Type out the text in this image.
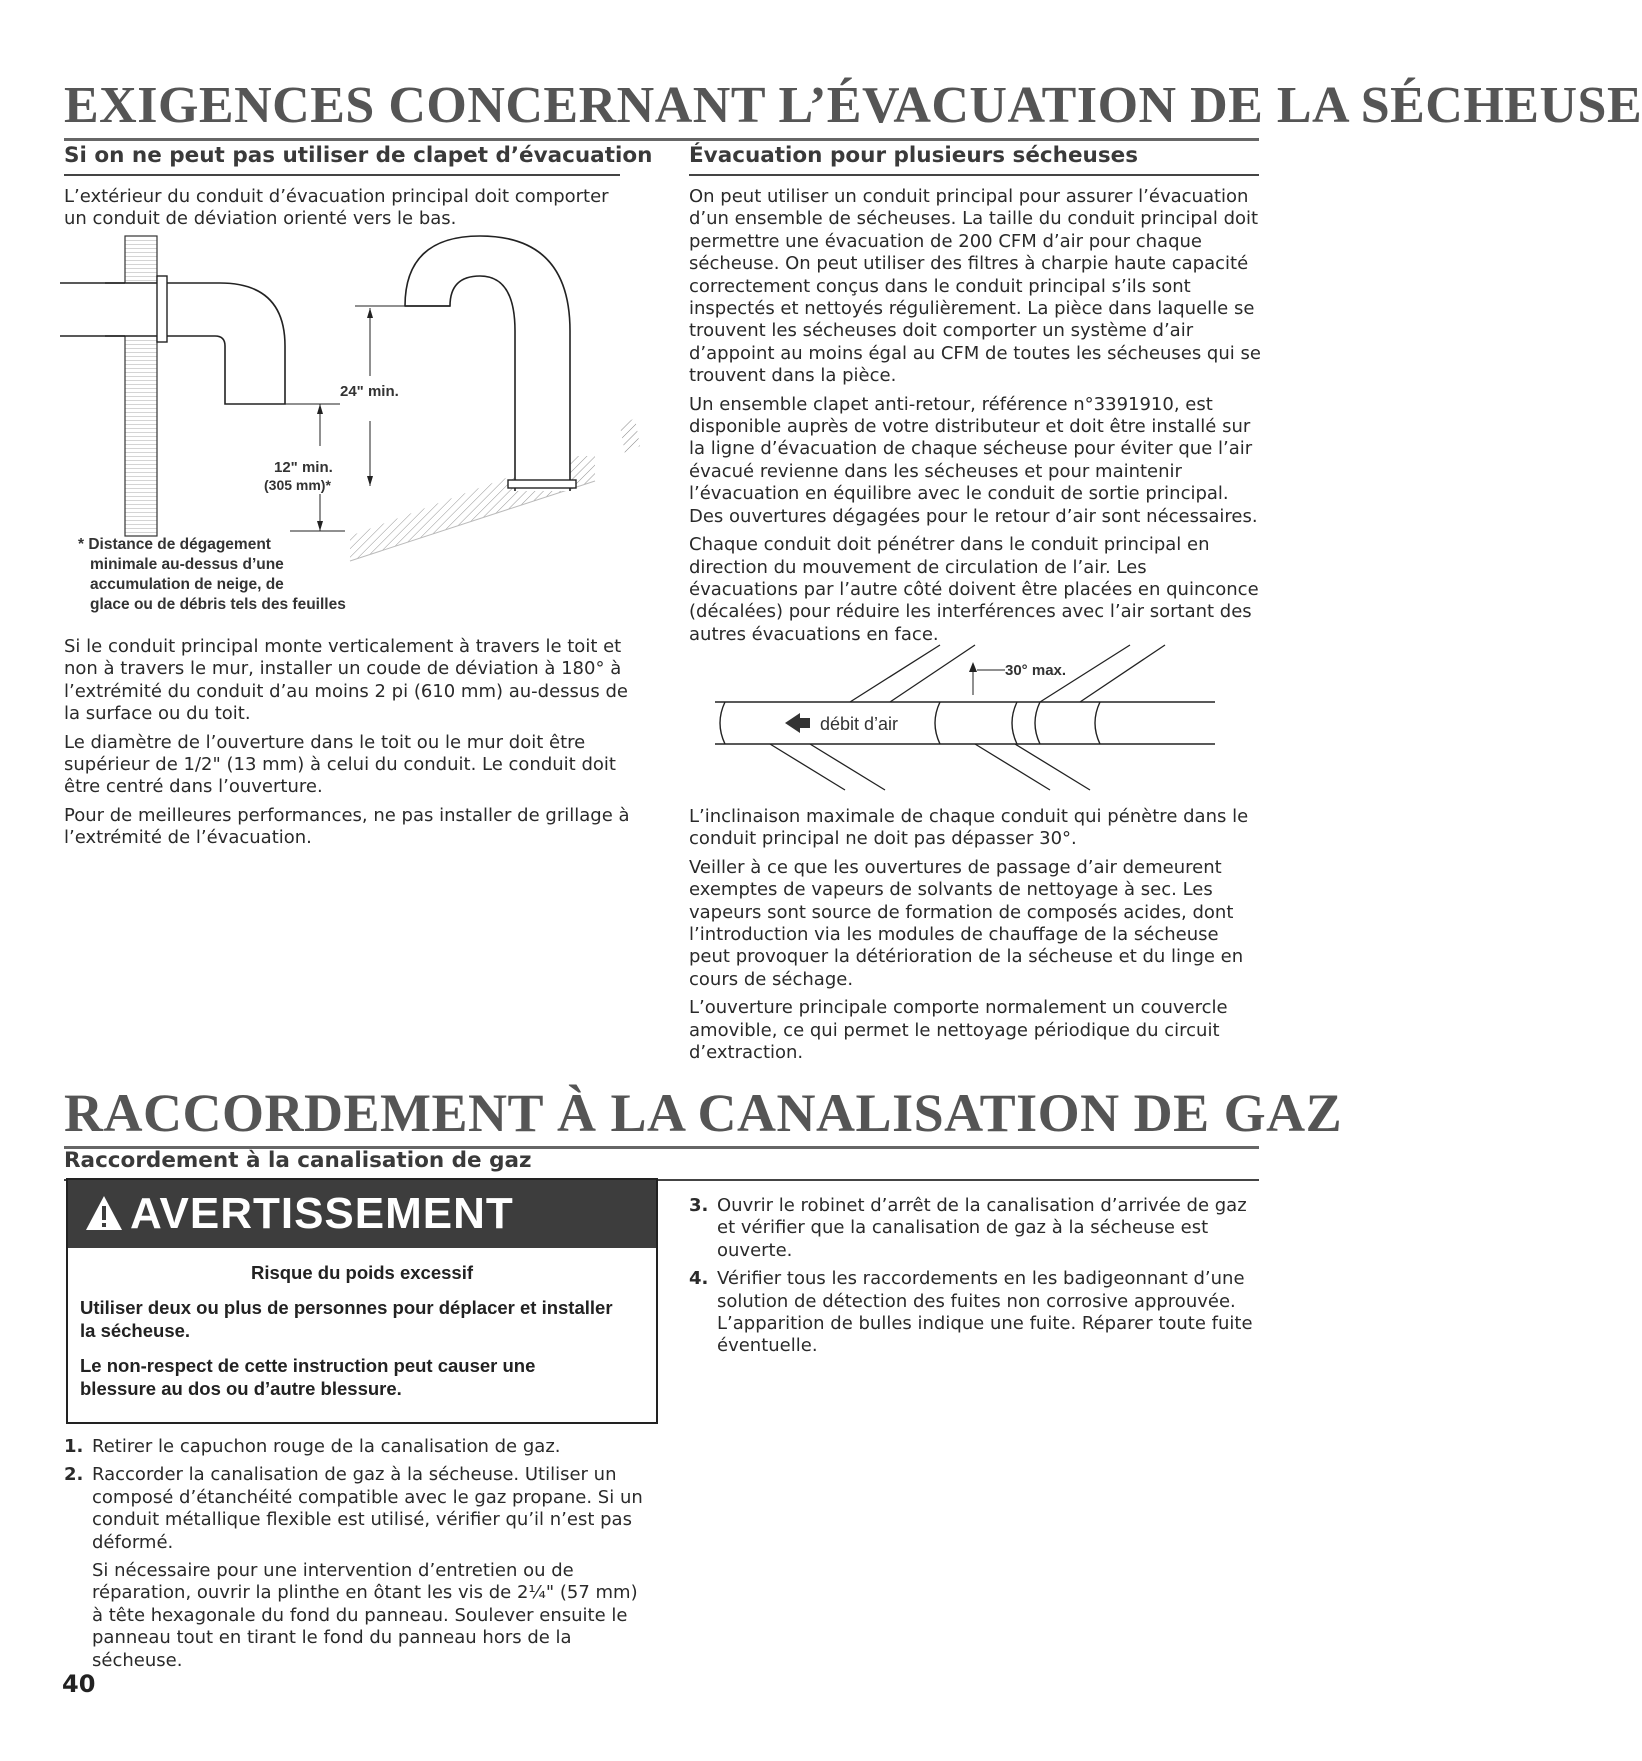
EXIGENCES CONCERNANT L’ÉVACUATION DE LA SÉCHEUSE
Si on ne peut pas utiliser de clapet d’évacuation

L’extérieur du conduit d’évacuation principal doit comporter un conduit de déviation orienté vers le bas.

12" min.
(305 mm)*
24" min.
* Distance de dégagement
minimale au-dessus d’une
accumulation de neige, de
glace ou de débris tels des feuilles

Si le conduit principal monte verticalement à travers le toit et non à travers le mur, installer un coude de déviation à 180° à l’extrémité du conduit d’au moins 2 pi (610 mm) au-dessus de la surface ou du toit.

Le diamètre de l’ouverture dans le toit ou le mur doit être supérieur de 1/2" (13 mm) à celui du conduit. Le conduit doit être centré dans l’ouverture.

Pour de meilleures performances, ne pas installer de grillage à l’extrémité de l’évacuation.

Évacuation pour plusieurs sécheuses

On peut utiliser un conduit principal pour assurer l’évacuation d’un ensemble de sécheuses. La taille du conduit principal doit permettre une évacuation de 200 CFM d’air pour chaque sécheuse. On peut utiliser des filtres à charpie haute capacité correctement conçus dans le conduit principal s’ils sont inspectés et nettoyés régulièrement. La pièce dans laquelle se trouvent les sécheuses doit comporter un système d’air d’appoint au moins égal au CFM de toutes les sécheuses qui se trouvent dans la pièce.

Un ensemble clapet anti-retour, référence n°3391910, est disponible auprès de votre distributeur et doit être installé sur la ligne d’évacuation de chaque sécheuse pour éviter que l’air évacué revienne dans les sécheuses et pour maintenir l’évacuation en équilibre avec le conduit de sortie principal. Des ouvertures dégagées pour le retour d’air sont nécessaires.

Chaque conduit doit pénétrer dans le conduit principal en direction du mouvement de circulation de l’air. Les évacuations par l’autre côté doivent être placées en quinconce (décalées) pour réduire les interférences avec l’air sortant des autres évacuations en face.

30° max.
débit d’air

L’inclinaison maximale de chaque conduit qui pénètre dans le conduit principal ne doit pas dépasser 30°.

Veiller à ce que les ouvertures de passage d’air demeurent exemptes de vapeurs de solvants de nettoyage à sec. Les vapeurs sont source de formation de composés acides, dont l’introduction via les modules de chauffage de la sécheuse peut provoquer la détérioration de la sécheuse et du linge en cours de séchage.

L’ouverture principale comporte normalement un couvercle amovible, ce qui permet le nettoyage périodique du circuit d’extraction.

RACCORDEMENT À LA CANALISATION DE GAZ
Raccordement à la canalisation de gaz
AVERTISSEMENT
Risque du poids excessif
Utiliser deux ou plus de personnes pour déplacer et installer la sécheuse.
Le non-respect de cette instruction peut causer une blessure au dos ou d’autre blessure.
1. Retirer le capuchon rouge de la canalisation de gaz.
2. Raccorder la canalisation de gaz à la sécheuse. Utiliser un composé d’étanchéité compatible avec le gaz propane. Si un conduit métallique flexible est utilisé, vérifier qu’il n’est pas déformé.

Si nécessaire pour une intervention d’entretien ou de réparation, ouvrir la plinthe en ôtant les vis de 2¹⁄₄" (57 mm) à tête hexagonale du fond du panneau. Soulever ensuite le panneau tout en tirant le fond du panneau hors de la sécheuse.

3. Ouvrir le robinet d’arrêt de la canalisation d’arrivée de gaz et vérifier que la canalisation de gaz à la sécheuse est ouverte.
4. Vérifier tous les raccordements en les badigeonnant d’une solution de détection des fuites non corrosive approuvée. L’apparition de bulles indique une fuite. Réparer toute fuite éventuelle.
40
